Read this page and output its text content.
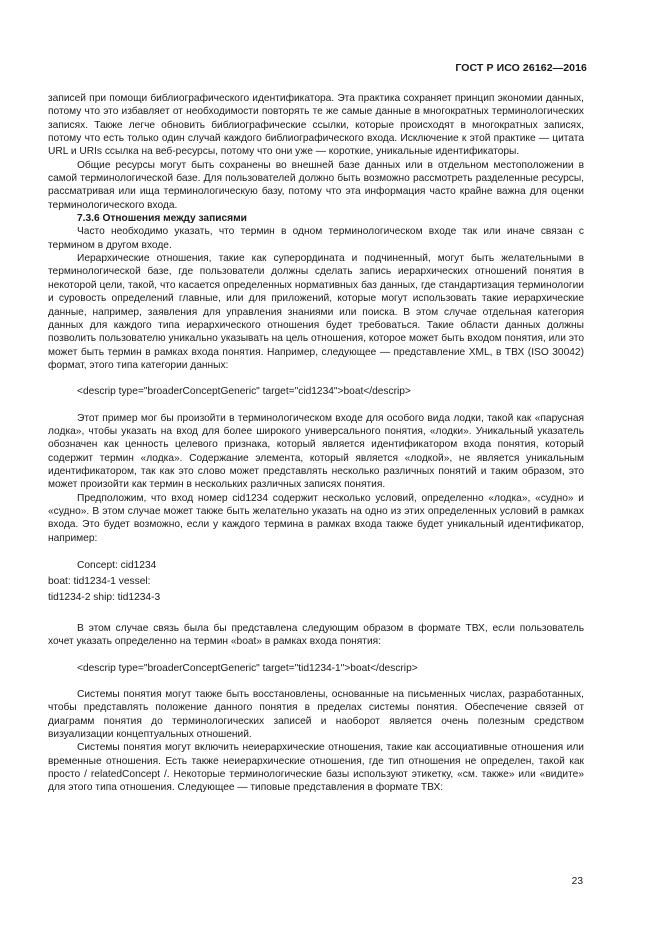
ГОСТ Р ИСО 26162—2016

записей при помощи библиографического идентификатора. Эта практика сохраняет принцип экономии данных, потому что это избавляет от необходимости повторять те же самые данные в многократных терминологических записях. Также легче обновить библиографические ссылки, которые происходят в многократных записях, потому что есть только один случай каждого библиографического входа. Исключение к этой практике — цитата URL и URIs ссылка на веб-ресурсы, потому что они уже — короткие, уникальные идентификаторы.

Общие ресурсы могут быть сохранены во внешней базе данных или в отдельном местоположении в самой терминологической базе. Для пользователей должно быть возможно рассмотреть разделенные ресурсы, рассматривая или ища терминологическую базу, потому что эта информация часто крайне важна для оценки терминологического входа.

7.3.6 Отношения между записями

Часто необходимо указать, что термин в одном терминологическом входе так или иначе связан с термином в другом входе.

Иерархические отношения, такие как суперордината и подчиненный, могут быть желательными в терминологической базе, где пользователи должны сделать запись иерархических отношений понятия в некоторой цели, такой, что касается определенных нормативных баз данных, где стандартизация терминологии и суровость определений главные, или для приложений, которые могут использовать такие иерархические данные, например, заявления для управления знаниями или поиска. В этом случае отдельная категория данных для каждого типа иерархического отношения будет требоваться. Такие области данных должны позволить пользователю уникально указывать на цель отношения, которое может быть входом понятия, или это может быть термин в рамках входа понятия. Например, следующее — представление XML, в ТВХ (ISO 30042) формат, этого типа категории данных:

<descrip type="broaderConceptGeneric" target="cid1234">boat</descrip>

Этот пример мог бы произойти в терминологическом входе для особого вида лодки, такой как «парусная лодка», чтобы указать на вход для более широкого универсального понятия, «лодки». Уникальный указатель обозначен как ценность целевого признака, который является идентификатором входа понятия, который содержит термин «лодка». Содержание элемента, который является «лодкой», не является уникальным идентификатором, так как это слово может представлять несколько различных понятий и таким образом, это может произойти как термин в нескольких различных записях понятия.

Предположим, что вход номер cid1234 содержит несколько условий, определенно «лодка», «судно» и «судно». В этом случае может также быть желательно указать на одно из этих определенных условий в рамках входа. Это будет возможно, если у каждого термина в рамках входа также будет уникальный идентификатор, например:

Concept: cid1234

boat: tid1234-1 vessel:

tid1234-2 ship: tid1234-3

В этом случае связь была бы представлена следующим образом в формате ТВХ, если пользователь хочет указать определенно на термин «boat» в рамках входа понятия:

<descrip type="broaderConceptGeneric" target="tid1234-1">boat</descrip>

Системы понятия могут также быть восстановлены, основанные на письменных числах, разработанных, чтобы представлять положение данного понятия в пределах системы понятия. Обеспечение связей от диаграмм понятия до терминологических записей и наоборот является очень полезным средством визуализации концептуальных отношений.

Системы понятия могут включить неиерархические отношения, такие как ассоциативные отношения или временные отношения. Есть также неиерархические отношения, где тип отношения не определен, такой как просто / relatedConcept /. Некоторые терминологические базы используют этикетку, «см. также» или «видите» для этого типа отношения. Следующее — типовые представления в формате ТВХ:

23
